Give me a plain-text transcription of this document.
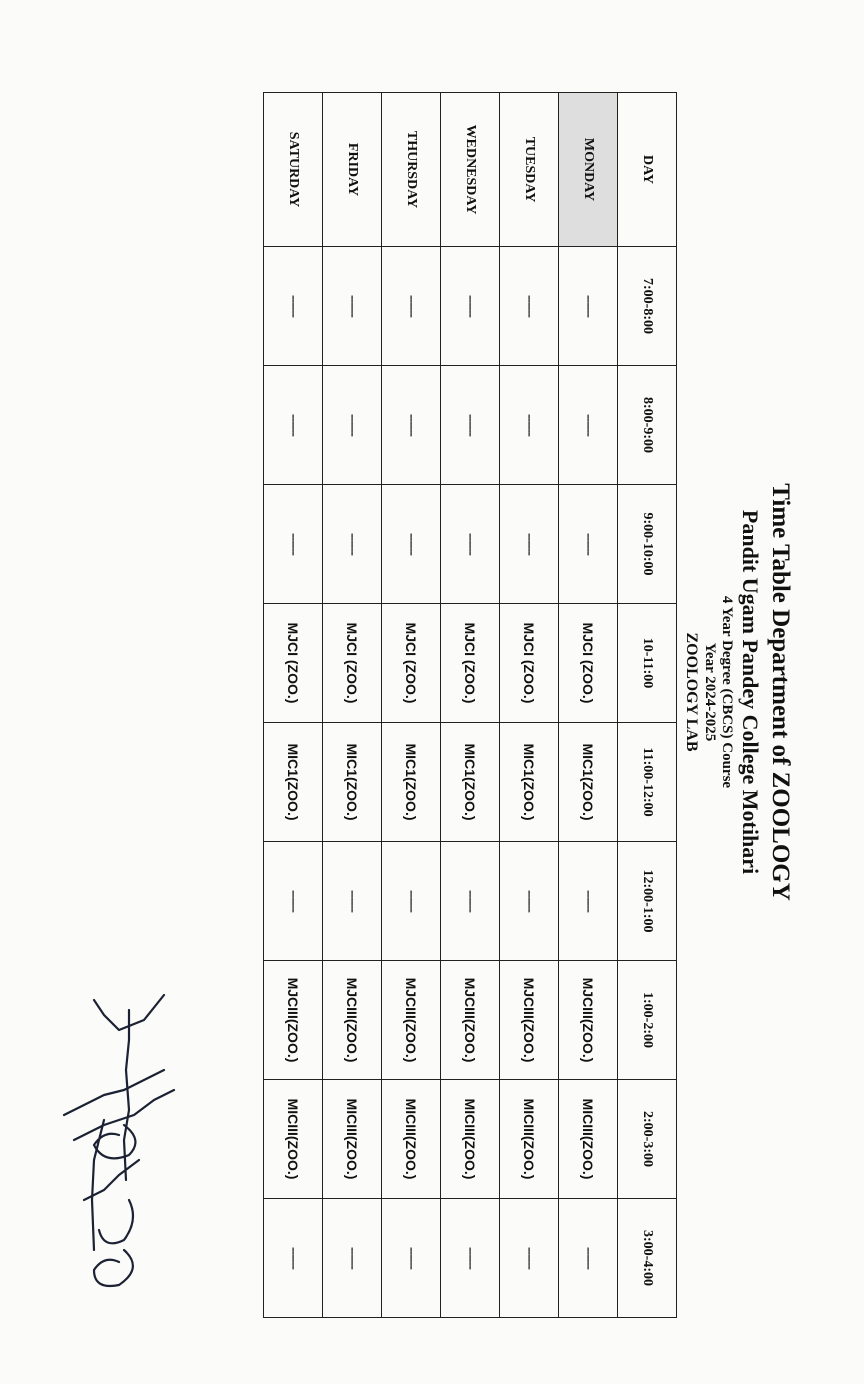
Time Table Department of ZOOLOGY
Pandit Ugam Pandey College Motihari
4 Year Degree (CBCS) Course
Year 2024-2025
ZOOLOGY LAB
DAY	7:00-8:00	8:00-9:00	9:00-10:00	10-11:00	11:00-12:00	12:00-1:00	1:00-2:00	2:00-3:00	3:00-4:00
MONDAY	------	------	------	MJCI (ZOO.)	MIC1(ZOO.)	------	MJCIII(ZOO.)	MICIII(ZOO.)	------
TUESDAY	------	------	------	MJCI (ZOO.)	MIC1(ZOO.)	------	MJCIII(ZOO.)	MICIII(ZOO.)	------
WEDNESDAY	------	------	------	MJCI (ZOO.)	MIC1(ZOO.)	------	MJCIII(ZOO.)	MICIII(ZOO.)	------
THURSDAY	------	------	------	MJCI (ZOO.)	MIC1(ZOO.)	------	MJCIII(ZOO.)	MICIII(ZOO.)	------
FRIDAY	------	------	------	MJCI (ZOO.)	MIC1(ZOO.)	------	MJCIII(ZOO.)	MICIII(ZOO.)	------
SATURDAY	------	------	------	MJCI (ZOO.)	MIC1(ZOO.)	------	MJCIII(ZOO.)	MICIII(ZOO.)	------
